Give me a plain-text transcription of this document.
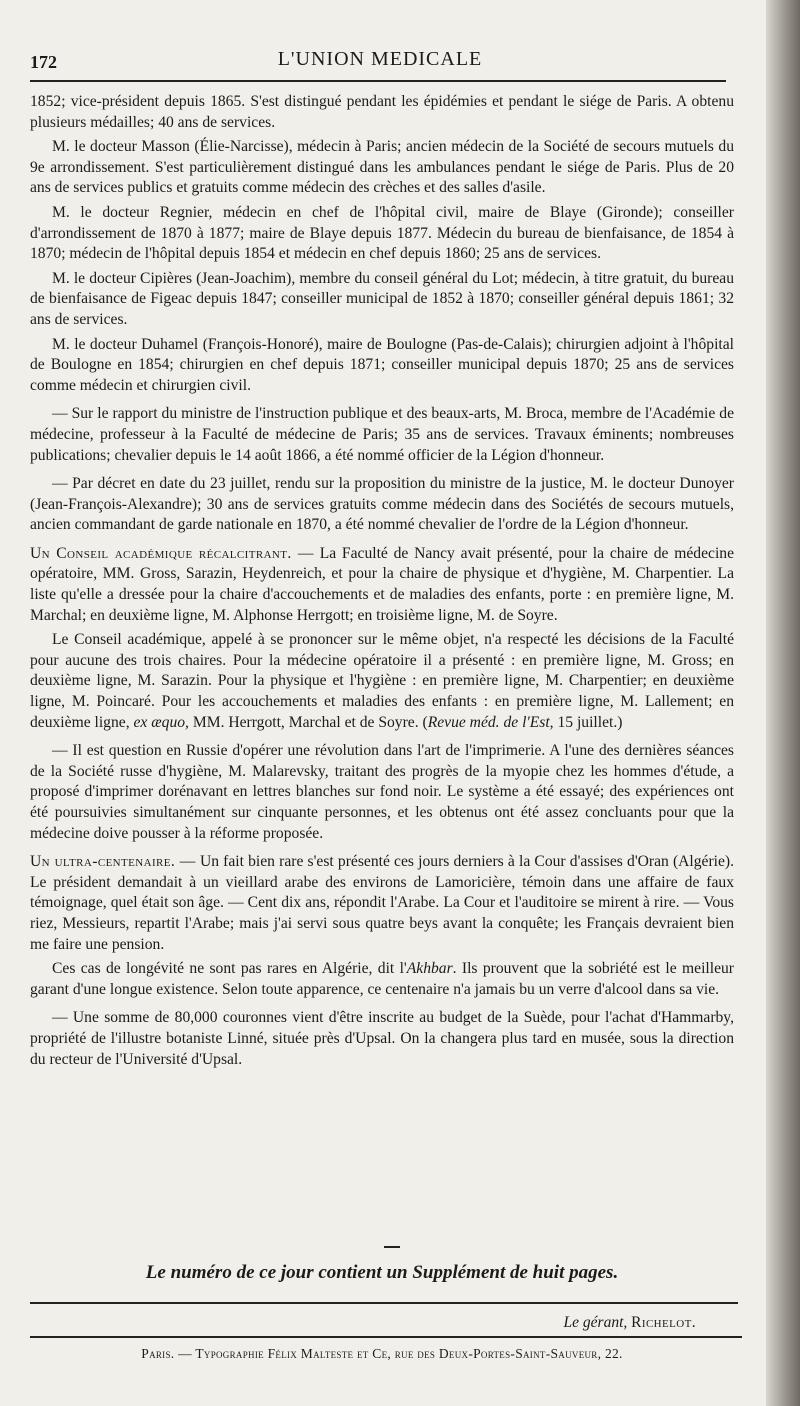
172	L'UNION MEDICALE

1852; vice-président depuis 1865. S'est distingué pendant les épidémies et pendant le siége de Paris. A obtenu plusieurs médailles; 40 ans de services.

M. le docteur Masson (Élie-Narcisse), médecin à Paris; ancien médecin de la Société de secours mutuels du 9e arrondissement. S'est particulièrement distingué dans les ambulances pendant le siége de Paris. Plus de 20 ans de services publics et gratuits comme médecin des crèches et des salles d'asile.

M. le docteur Regnier, médecin en chef de l'hôpital civil, maire de Blaye (Gironde); conseiller d'arrondissement de 1870 à 1877; maire de Blaye depuis 1877. Médecin du bureau de bienfaisance, de 1854 à 1870; médecin de l'hôpital depuis 1854 et médecin en chef depuis 1860; 25 ans de services.

M. le docteur Cipières (Jean-Joachim), membre du conseil général du Lot; médecin, à titre gratuit, du bureau de bienfaisance de Figeac depuis 1847; conseiller municipal de 1852 à 1870; conseiller général depuis 1861; 32 ans de services.

M. le docteur Duhamel (François-Honoré), maire de Boulogne (Pas-de-Calais); chirurgien adjoint à l'hôpital de Boulogne en 1854; chirurgien en chef depuis 1871; conseiller municipal depuis 1870; 25 ans de services comme médecin et chirurgien civil.

— Sur le rapport du ministre de l'instruction publique et des beaux-arts, M. Broca, membre de l'Académie de médecine, professeur à la Faculté de médecine de Paris; 35 ans de services. Travaux éminents; nombreuses publications; chevalier depuis le 14 août 1866, a été nommé officier de la Légion d'honneur.

— Par décret en date du 23 juillet, rendu sur la proposition du ministre de la justice, M. le docteur Dunoyer (Jean-François-Alexandre); 30 ans de services gratuits comme médecin dans des Sociétés de secours mutuels, ancien commandant de garde nationale en 1870, a été nommé chevalier de l'ordre de la Légion d'honneur.

Un Conseil académique récalcitrant. — La Faculté de Nancy avait présenté, pour la chaire de médecine opératoire, MM. Gross, Sarazin, Heydenreich, et pour la chaire de physique et d'hygiène, M. Charpentier. La liste qu'elle a dressée pour la chaire d'accouchements et de maladies des enfants, porte : en première ligne, M. Marchal; en deuxième ligne, M. Alphonse Herrgott; en troisième ligne, M. de Soyre.

Le Conseil académique, appelé à se prononcer sur le même objet, n'a respecté les décisions de la Faculté pour aucune des trois chaires. Pour la médecine opératoire il a présenté : en première ligne, M. Gross; en deuxième ligne, M. Sarazin. Pour la physique et l'hygiène : en première ligne, M. Charpentier; en deuxième ligne, M. Poincaré. Pour les accouchements et maladies des enfants : en première ligne, M. Lallement; en deuxième ligne, ex æquo, MM. Herrgott, Marchal et de Soyre. (Revue méd. de l'Est, 15 juillet.)

— Il est question en Russie d'opérer une révolution dans l'art de l'imprimerie. A l'une des dernières séances de la Société russe d'hygiène, M. Malarevsky, traitant des progrès de la myopie chez les hommes d'étude, a proposé d'imprimer dorénavant en lettres blanches sur fond noir. Le système a été essayé; des expériences ont été poursuivies simultanément sur cinquante personnes, et les obtenus ont été assez concluants pour que la médecine doive pousser à la réforme proposée.

Un ultra-centenaire. — Un fait bien rare s'est présenté ces jours derniers à la Cour d'assises d'Oran (Algérie). Le président demandait à un vieillard arabe des environs de Lamoricière, témoin dans une affaire de faux témoignage, quel était son âge. — Cent dix ans, répondit l'Arabe. La Cour et l'auditoire se mirent à rire. — Vous riez, Messieurs, repartit l'Arabe; mais j'ai servi sous quatre beys avant la conquête; les Français devraient bien me faire une pension.

Ces cas de longévité ne sont pas rares en Algérie, dit l'Akhbar. Ils prouvent que la sobriété est le meilleur garant d'une longue existence. Selon toute apparence, ce centenaire n'a jamais bu un verre d'alcool dans sa vie.

— Une somme de 80,000 couronnes vient d'être inscrite au budget de la Suède, pour l'achat d'Hammarby, propriété de l'illustre botaniste Linné, située près d'Upsal. On la changera plus tard en musée, sous la direction du recteur de l'Université d'Upsal.

Le numéro de ce jour contient un Supplément de huit pages.
Le gérant, Richelot.
Paris. — Typographie Félix Malteste et Ce, rue des Deux-Portes-Saint-Sauveur, 22.
